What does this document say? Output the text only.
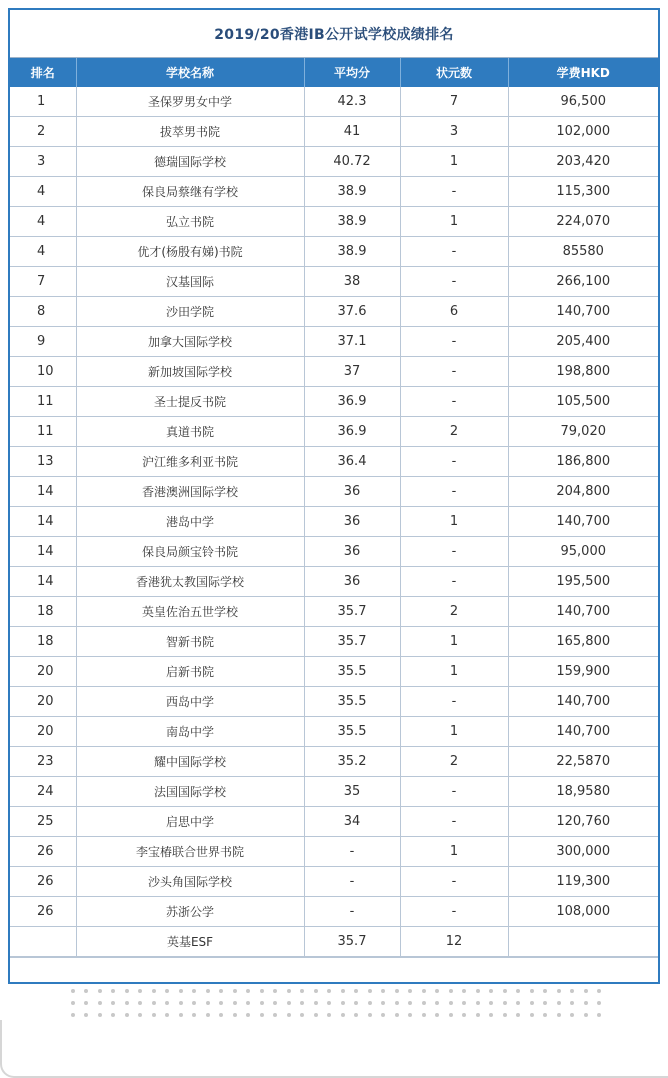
2019/20香港IB公开试学校成绩排名
排名	学校名称	平均分	状元数	学费HKD
1	圣保罗男女中学	42.3	7	96,500
2	拔萃男书院	41	3	102,000
3	德瑞国际学校	40.72	1	203,420
4	保良局蔡继有学校	38.9	-	115,300
4	弘立书院	38.9	1	224,070
4	优才(杨殷有娣)书院	38.9	-	85580
7	汉基国际	38	-	266,100
8	沙田学院	37.6	6	140,700
9	加拿大国际学校	37.1	-	205,400
10	新加坡国际学校	37	-	198,800
11	圣士提反书院	36.9	-	105,500
11	真道书院	36.9	2	79,020
13	沪江维多利亚书院	36.4	-	186,800
14	香港澳洲国际学校	36	-	204,800
14	港岛中学	36	1	140,700
14	保良局颜宝铃书院	36	-	95,000
14	香港犹太教国际学校	36	-	195,500
18	英皇佐治五世学校	35.7	2	140,700
18	智新书院	35.7	1	165,800
20	启新书院	35.5	1	159,900
20	西岛中学	35.5	-	140,700
20	南岛中学	35.5	1	140,700
23	耀中国际学校	35.2	2	22,5870
24	法国国际学校	35	-	18,9580
25	启思中学	34	-	120,760
26	李宝椿联合世界书院	-	1	300,000
26	沙头角国际学校	-	-	119,300
26	苏浙公学	-	-	108,000
	英基ESF	35.7	12	
